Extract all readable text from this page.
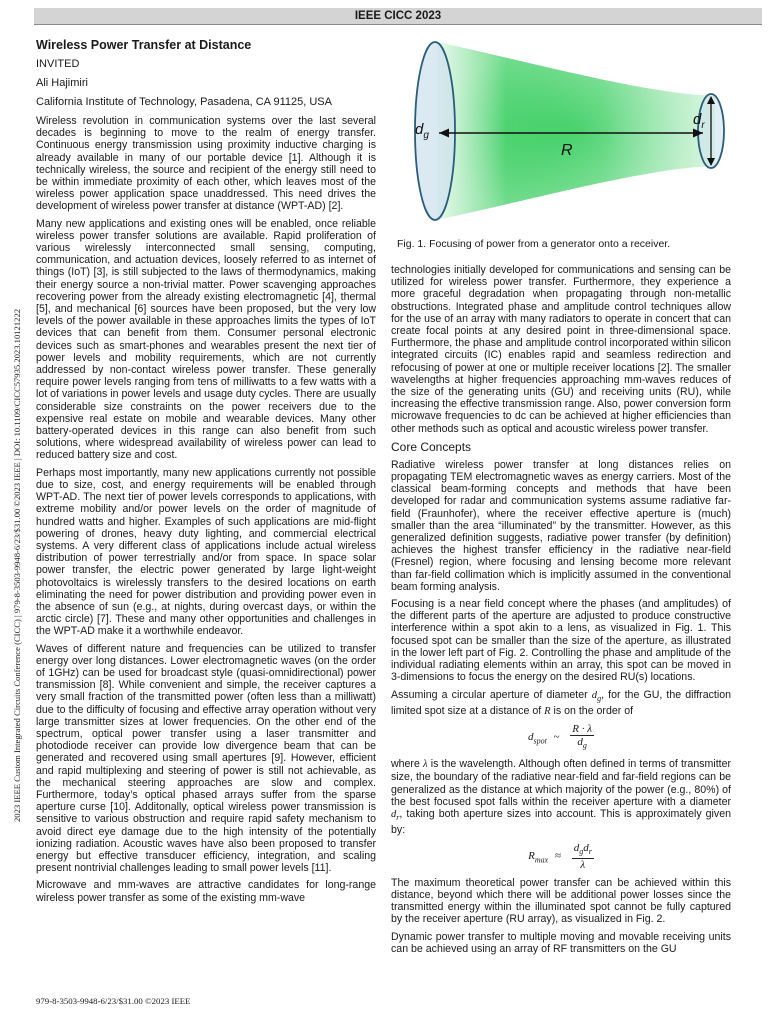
IEEE CICC 2023
2023 IEEE Custom Integrated Circuits Conference (CICC) | 979-8-3503-9948-6/23/$31.00 ©2023 IEEE | DOI: 10.1109/CICC57935.2023.10121222
Wireless Power Transfer at Distance
INVITED
Ali Hajimiri
California Institute of Technology, Pasadena, CA 91125, USA

Wireless revolution in communication systems over the last several decades is beginning to move to the realm of energy transfer. Continuous energy transmission using proximity inductive charging is already available in many of our portable device [1]. Although it is technically wireless, the source and recipient of the energy still need to be within immediate proximity of each other, which leaves most of the wireless power application space unaddressed. This need drives the development of wireless power transfer at distance (WPT-AD) [2].

Many new applications and existing ones will be enabled, once reliable wireless power transfer solutions are available. Rapid proliferation of various wirelessly interconnected small sensing, computing, communication, and actuation devices, loosely referred to as internet of things (IoT) [3], is still subjected to the laws of thermodynamics, making their energy source a non-trivial matter. Power scavenging approaches recovering power from the already existing electromagnetic [4], thermal [5], and mechanical [6] sources have been proposed, but the very low levels of the power available in these approaches limits the types of IoT devices that can benefit from them. Consumer personal electronic devices such as smart-phones and wearables present the next tier of power levels and mobility requirements, which are not currently addressed by non-contact wireless power transfer. These generally require power levels ranging from tens of milliwatts to a few watts with a lot of variations in power levels and usage duty cycles. There are usually considerable size constraints on the power receivers due to the expensive real estate on mobile and wearable devices. Many other battery-operated devices in this range can also benefit from such solutions, where widespread availability of wireless power can lead to reduced battery size and cost.

Perhaps most importantly, many new applications currently not possible due to size, cost, and energy requirements will be enabled through WPT-AD. The next tier of power levels corresponds to applications, with extreme mobility and/or power levels on the order of magnitude of hundred watts and higher. Examples of such applications are mid-flight powering of drones, heavy duty lighting, and commercial electrical systems. A very different class of applications include actual wireless distribution of power terrestrially and/or from space. In space solar power transfer, the electric power generated by large light-weight photovoltaics is wirelessly transfers to the desired locations on earth eliminating the need for power distribution and providing power even in the absence of sun (e.g., at nights, during overcast days, or within the arctic circle) [7]. These and many other opportunities and challenges in the WPT-AD make it a worthwhile endeavor.

Waves of different nature and frequencies can be utilized to transfer energy over long distances. Lower electromagnetic waves (on the order of 1GHz) can be used for broadcast style (quasi-omnidirectional) power transmission [8]. While convenient and simple, the receiver captures a very small fraction of the transmitted power (often less than a milliwatt) due to the difficulty of focusing and effective array operation without very large transmitter sizes at lower frequencies. On the other end of the spectrum, optical power transfer using a laser transmitter and photodiode receiver can provide low divergence beam that can be generated and recovered using small apertures [9]. However, efficient and rapid multiplexing and steering of power is still not achievable, as the mechanical steering approaches are slow and complex. Furthermore, today’s optical phased arrays suffer from the sparse aperture curse [10]. Additonally, optical wireless power transmission is sensitive to various obstruction and require rapid safety mechanism to avoid direct eye damage due to the high intensity of the potentially ionizing radiation. Acoustic waves have also been proposed to transfer energy but effective transducer efficiency, integration, and scaling present nontrivial challenges leading to small power levels [11].

Microwave and mm-waves are attractive candidates for long-range wireless power transfer as some of the existing mm-wave

$d_g$
$d_r$
R
Fig. 1. Focusing of power from a generator onto a receiver.

technologies initially developed for communications and sensing can be utilized for wireless power transfer. Furthermore, they experience a more graceful degradation when propagating through non-metallic obstructions. Integrated phase and amplitude control techniques allow for the use of an array with many radiators to operate in concert that can create focal points at any desired point in three-dimensional space. Furthermore, the phase and amplitude control incorporated within silicon integrated circuits (IC) enables rapid and seamless redirection and refocusing of power at one or multiple receiver locations [2]. The smaller wavelengths at higher frequencies approaching mm-waves reduces of the size of the generating units (GU) and receiving units (RU), while increasing the effective transmission range. Also, power conversion form microwave frequencies to dc can be achieved at higher efficiencies than other methods such as optical and acoustic wireless power transfer.

Core Concepts

Radiative wireless power transfer at long distances relies on propagating TEM electromagnetic waves as energy carriers. Most of the classical beam-forming concepts and methods that have been developed for radar and communication systems assume radiative far-field (Fraunhofer), where the receiver effective aperture is (much) smaller than the area “illuminated” by the transmitter. However, as this generalized definition suggests, radiative power transfer (by definition) achieves the highest transfer efficiency in the radiative near-field (Fresnel) region, where focusing and lensing become more relevant than far-field collimation which is implicitly assumed in the conventional beam forming analysis.

Focusing is a near field concept where the phases (and amplitudes) of the different parts of the aperture are adjusted to produce constructive interference within a spot akin to a lens, as visualized in Fig. 1. This focused spot can be smaller than the size of the aperture, as illustrated in the lower left part of Fig. 2. Controlling the phase and amplitude of the individual radiating elements within an array, this spot can be moved in 3-dimensions to focus the energy on the desired RU(s) locations.

Assuming a circular aperture of diameter $d_g$, for the GU, the diffraction limited spot size at a distance of R is on the order of

$d_{spot}$ ~ $\frac{R \cdot \lambda}{d_g}$

where λ is the wavelength. Although often defined in terms of transmitter size, the boundary of the radiative near-field and far-field regions can be generalized as the distance at which majority of the power (e.g., 80%) of the best focused spot falls within the receiver aperture with a diameter $d_r$, taking both aperture sizes into account. This is approximately given by:

$R_{max} \approx \frac{d_gd_r}{\lambda}$

The maximum theoretical power transfer can be achieved within this distance, beyond which there will be additional power losses since the transmitted energy within the illuminated spot cannot be fully captured by the receiver aperture (RU array), as visualized in Fig. 2.

Dynamic power transfer to multiple moving and movable receiving units can be achieved using an array of RF transmitters on the GU

979-8-3503-9948-6/23/$31.00 ©2023 IEEE
